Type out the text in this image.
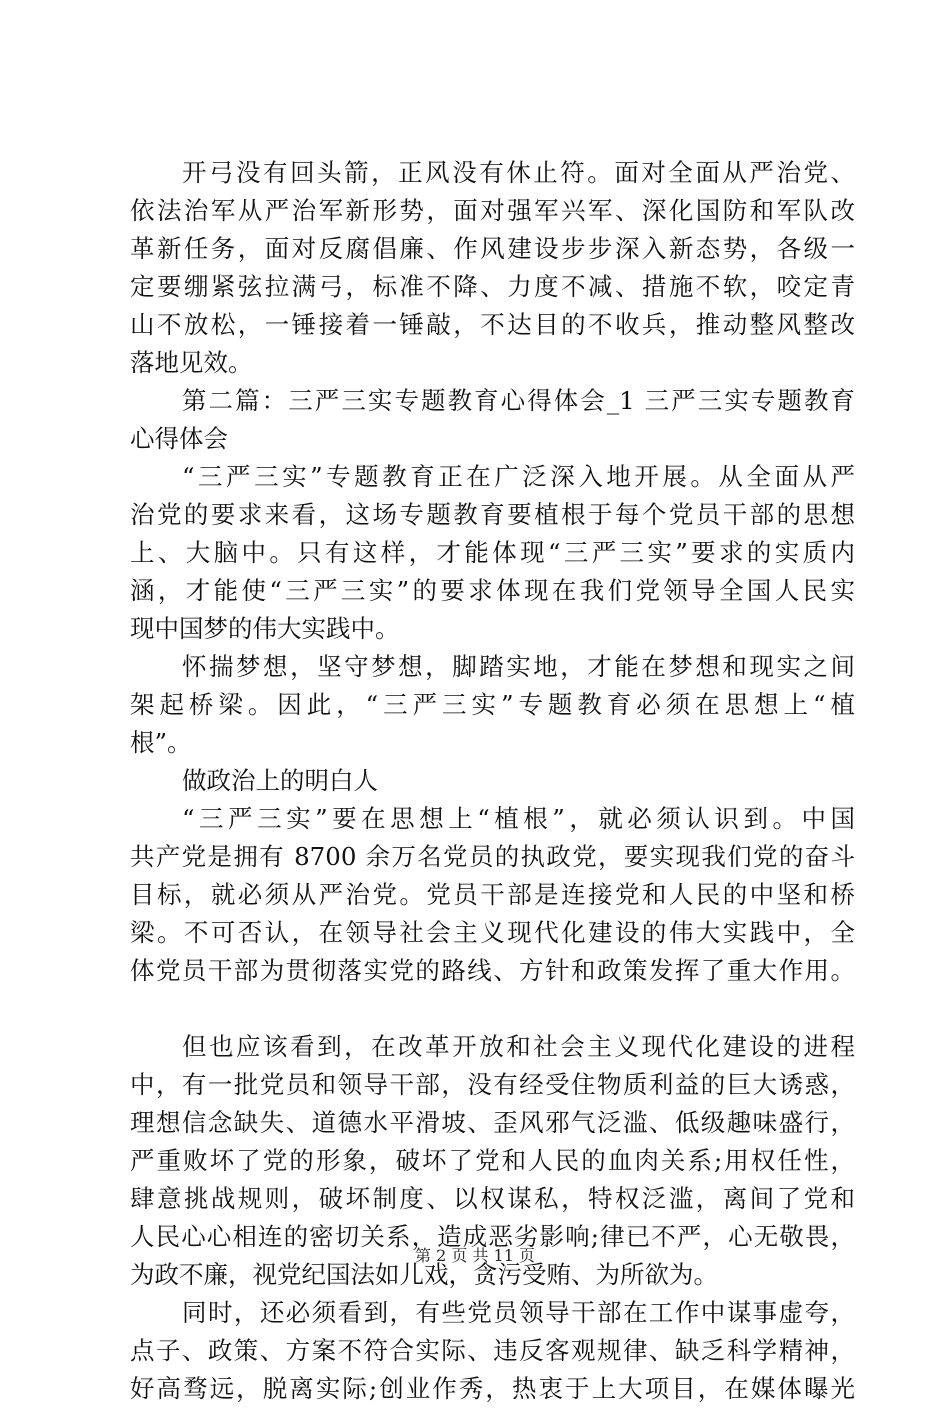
开弓没有回头箭，正风没有休止符。面对全面从严治党、
依法治军从严治军新形势，面对强军兴军、深化国防和军队改
革新任务，面对反腐倡廉、作风建设步步深入新态势，各级一
定要绷紧弦拉满弓，标准不降、力度不减、措施不软，咬定青
山不放松，一锤接着一锤敲，不达目的不收兵，推动整风整改
落地见效。
第二篇：三严三实专题教育心得体会_1 三严三实专题教育
心得体会
“三严三实”专题教育正在广泛深入地开展。从全面从严
治党的要求来看，这场专题教育要植根于每个党员干部的思想
上、大脑中。只有这样，才能体现“三严三实”要求的实质内
涵，才能使“三严三实”的要求体现在我们党领导全国人民实
现中国梦的伟大实践中。
怀揣梦想，坚守梦想，脚踏实地，才能在梦想和现实之间
架起桥梁。因此，“三严三实”专题教育必须在思想上“植
根”。
做政治上的明白人
“三严三实”要在思想上“植根”，就必须认识到。中国
共产党是拥有 8700 余万名党员的执政党，要实现我们党的奋斗
目标，就必须从严治党。党员干部是连接党和人民的中坚和桥
梁。不可否认，在领导社会主义现代化建设的伟大实践中，全
体党员干部为贯彻落实党的路线、方针和政策发挥了重大作用。
但也应该看到，在改革开放和社会主义现代化建设的进程
中，有一批党员和领导干部，没有经受住物质利益的巨大诱惑，
理想信念缺失、道德水平滑坡、歪风邪气泛滥、低级趣味盛行，
严重败坏了党的形象，破坏了党和人民的血肉关系;用权任性，
肆意挑战规则，破坏制度、以权谋私，特权泛滥，离间了党和
人民心心相连的密切关系，造成恶劣影响;律已不严，心无敬畏，
为政不廉，视党纪国法如儿戏，贪污受贿、为所欲为。
同时，还必须看到，有些党员领导干部在工作中谋事虚夸，
点子、政策、方案不符合实际、违反客观规律、缺乏科学精神，
好高骛远，脱离实际;创业作秀，热衷于上大项目，在媒体曝光
第 2 页 共 11 页
